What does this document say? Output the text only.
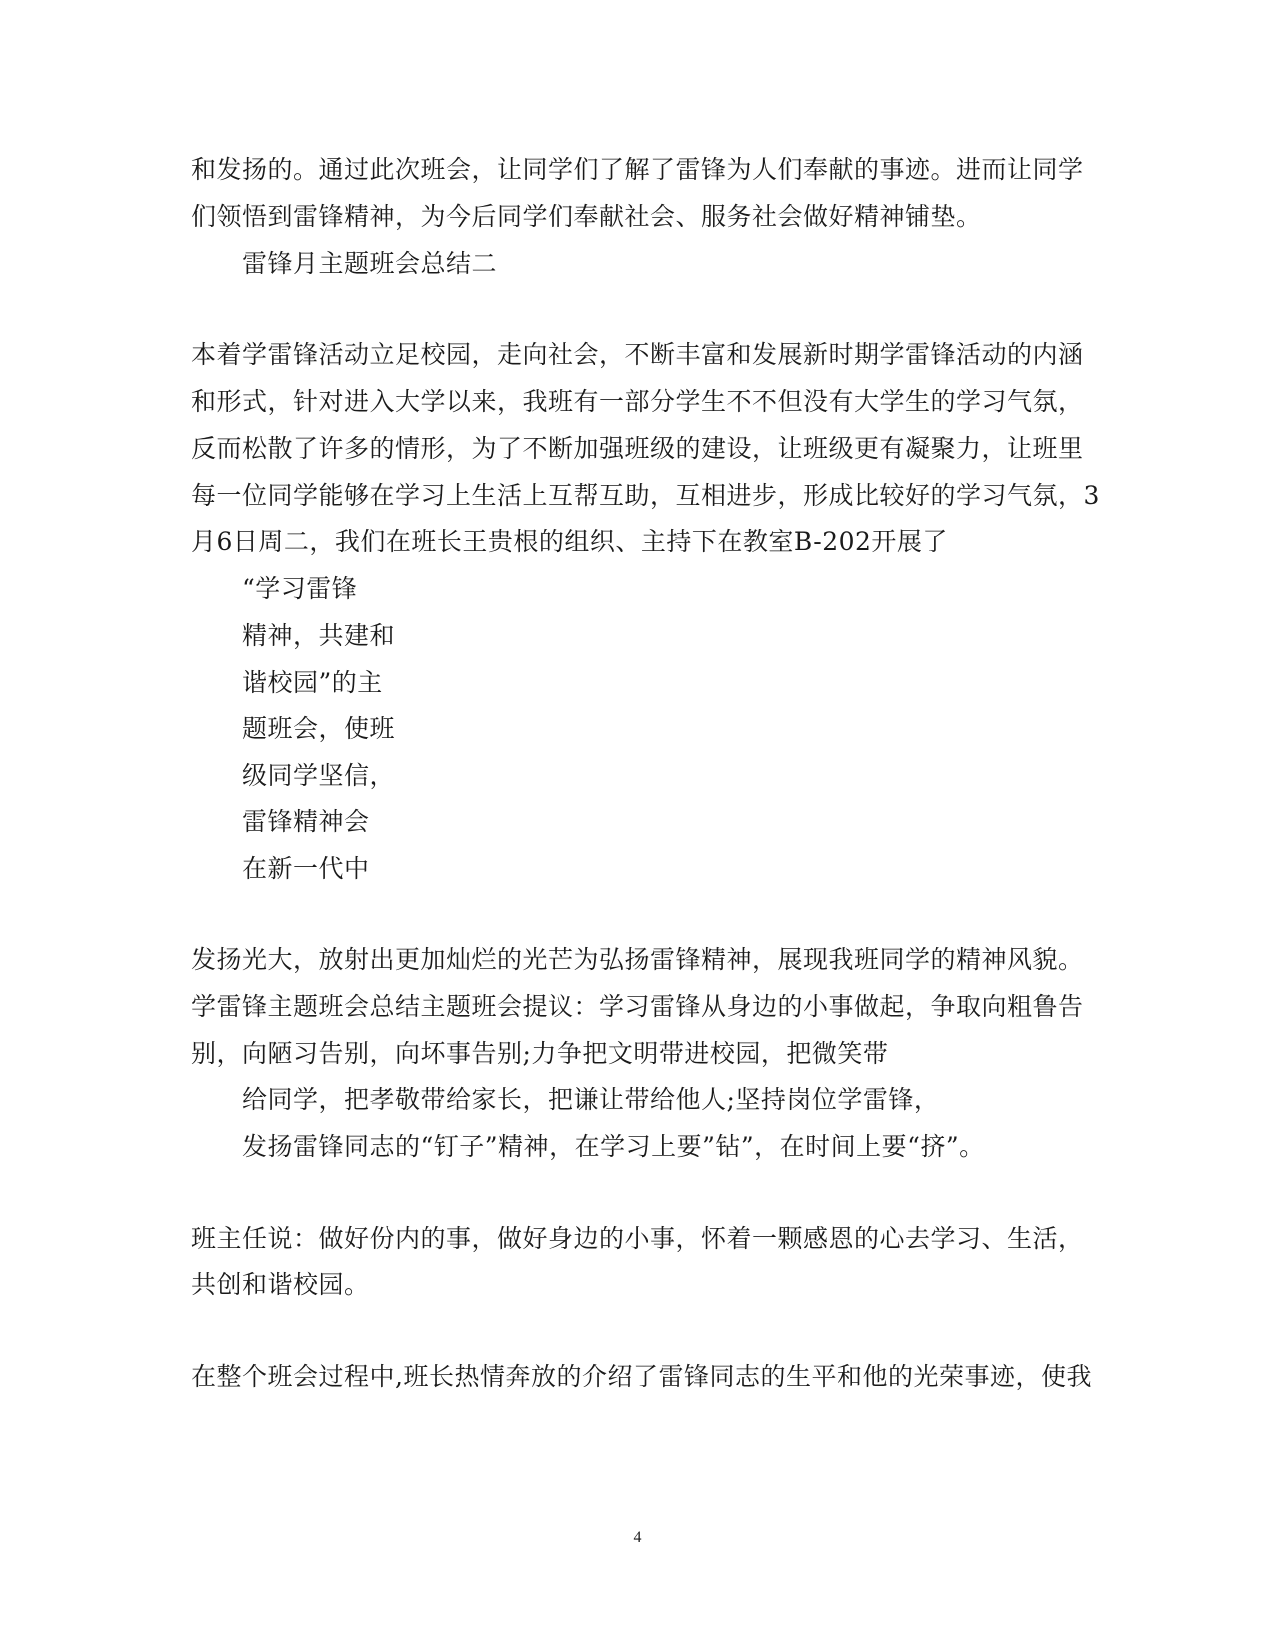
和发扬的。通过此次班会，让同学们了解了雷锋为人们奉献的事迹。进而让同学
们领悟到雷锋精神，为今后同学们奉献社会、服务社会做好精神铺垫。
雷锋月主题班会总结二
本着学雷锋活动立足校园，走向社会，不断丰富和发展新时期学雷锋活动的内涵
和形式，针对进入大学以来，我班有一部分学生不不但没有大学生的学习气氛，
反而松散了许多的情形，为了不断加强班级的建设，让班级更有凝聚力，让班里
每一位同学能够在学习上生活上互帮互助，互相进步，形成比较好的学习气氛，3
月6日周二，我们在班长王贵根的组织、主持下在教室B-202开展了
“学习雷锋
精神，共建和
谐校园”的主
题班会，使班
级同学坚信，
雷锋精神会
在新一代中
发扬光大，放射出更加灿烂的光芒为弘扬雷锋精神，展现我班同学的精神风貌。
学雷锋主题班会总结主题班会提议：学习雷锋从身边的小事做起，争取向粗鲁告
别，向陋习告别，向坏事告别;力争把文明带进校园，把微笑带
给同学，把孝敬带给家长，把谦让带给他人;坚持岗位学雷锋，
发扬雷锋同志的“钉子”精神，在学习上要”钻”，在时间上要“挤”。
班主任说：做好份内的事，做好身边的小事，怀着一颗感恩的心去学习、生活，
共创和谐校园。
在整个班会过程中,班长热情奔放的介绍了雷锋同志的生平和他的光荣事迹，使我
4
